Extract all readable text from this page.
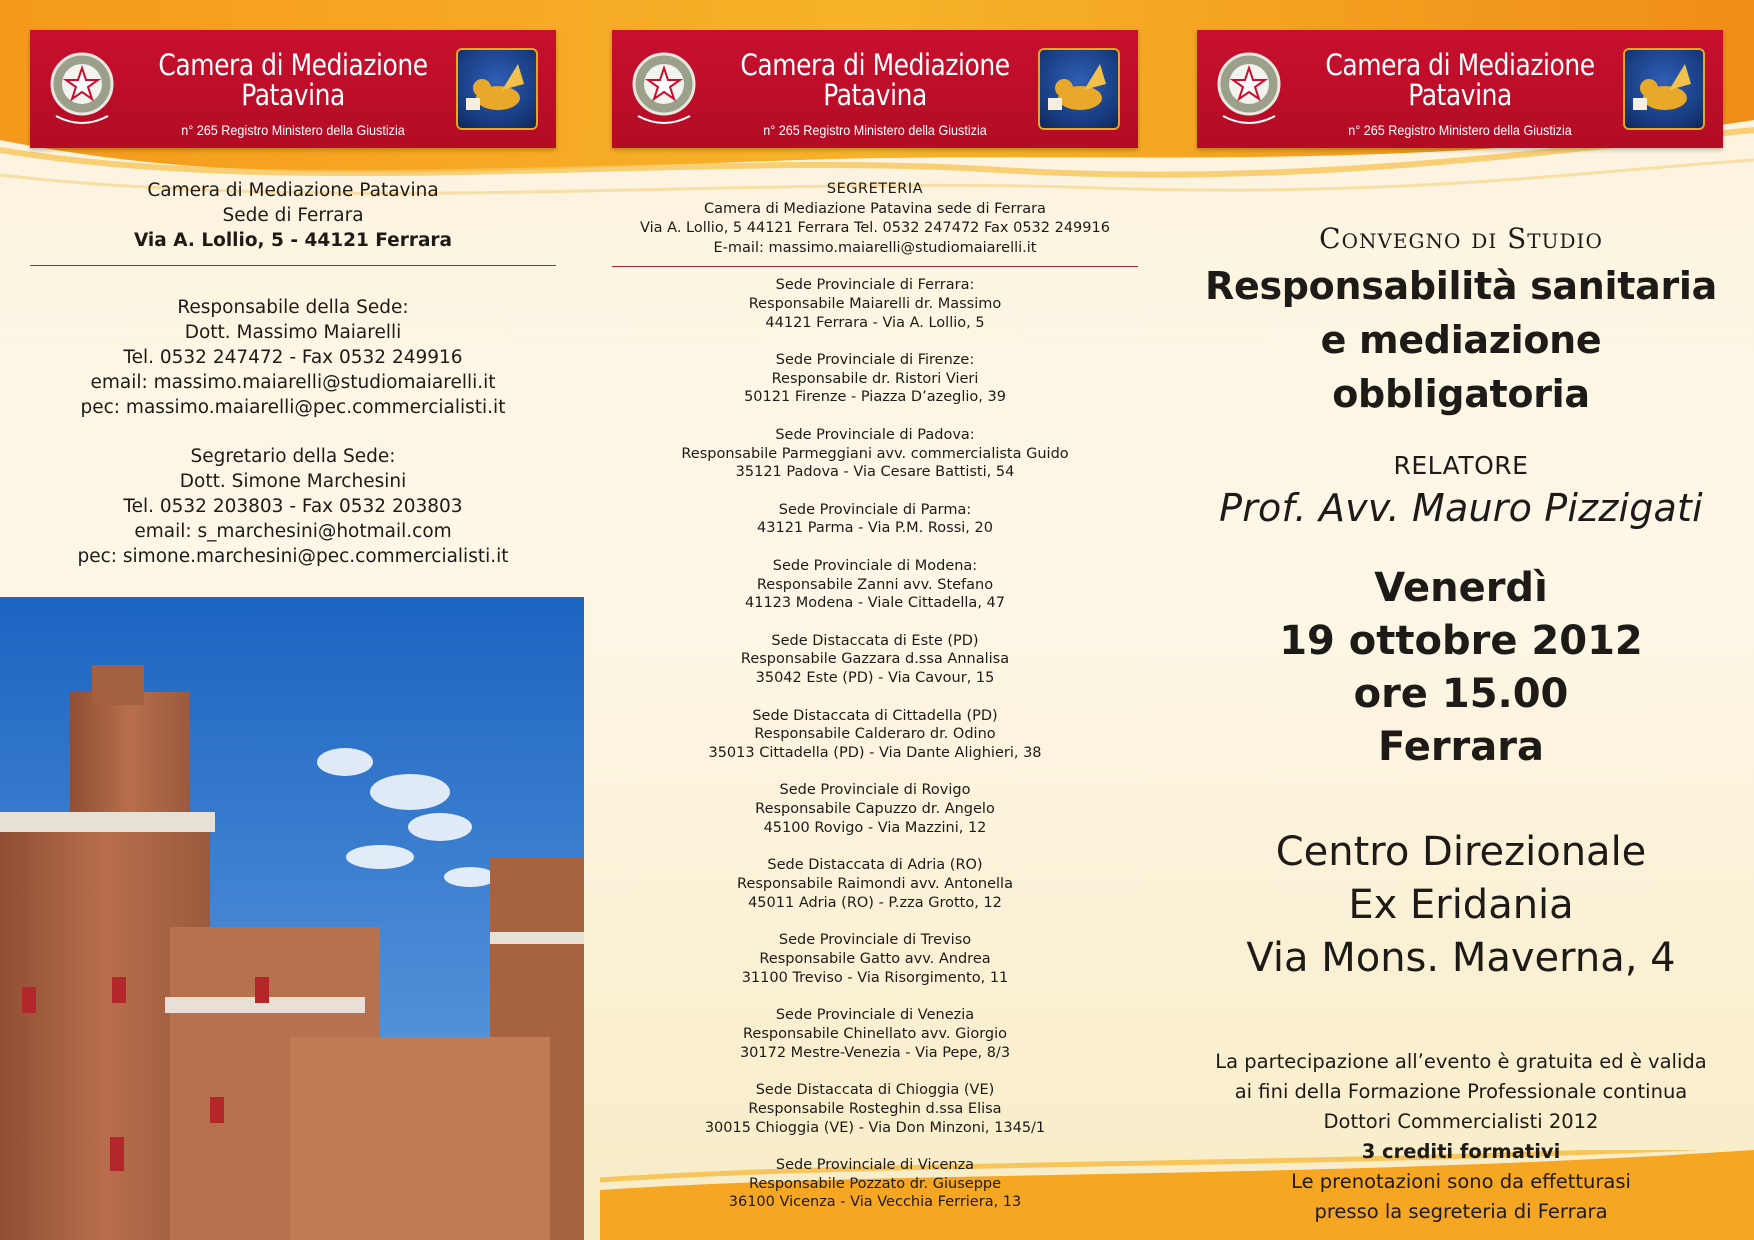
Camera di Mediazione
Patavina
n° 265 Registro Ministero della Giustizia
Camera di Mediazione
Patavina
n° 265 Registro Ministero della Giustizia
Camera di Mediazione
Patavina
n° 265 Registro Ministero della Giustizia
Camera di Mediazione Patavina
Sede di Ferrara
Via A. Lollio, 5 - 44121 Ferrara
Responsabile della Sede:
Dott. Massimo Maiarelli
Tel. 0532 247472 - Fax 0532 249916
email: massimo.maiarelli@studiomaiarelli.it
pec: massimo.maiarelli@pec.commercialisti.it
Segretario della Sede:
Dott. Simone Marchesini
Tel. 0532 203803 - Fax 0532 203803
email: s_marchesini@hotmail.com
pec: simone.marchesini@pec.commercialisti.it
SEGRETERIA
Camera di Mediazione Patavina sede di Ferrara
Via A. Lollio, 5 44121 Ferrara Tel. 0532 247472 Fax 0532 249916
E-mail: massimo.maiarelli@studiomaiarelli.it
Sede Provinciale di Ferrara:
Responsabile Maiarelli dr. Massimo
44121 Ferrara - Via A. Lollio, 5
Sede Provinciale di Firenze:
Responsabile dr. Ristori Vieri
50121 Firenze - Piazza D’azeglio, 39
Sede Provinciale di Padova:
Responsabile Parmeggiani avv. commercialista Guido
35121 Padova - Via Cesare Battisti, 54
Sede Provinciale di Parma:
43121 Parma - Via P.M. Rossi, 20
Sede Provinciale di Modena:
Responsabile Zanni avv. Stefano
41123 Modena - Viale Cittadella, 47
Sede Distaccata di Este (PD)
Responsabile Gazzara d.ssa Annalisa
35042 Este (PD) - Via Cavour, 15
Sede Distaccata di Cittadella (PD)
Responsabile Calderaro dr. Odino
35013 Cittadella (PD) - Via Dante Alighieri, 38
Sede Provinciale di Rovigo
Responsabile Capuzzo dr. Angelo
45100 Rovigo - Via Mazzini, 12
Sede Distaccata di Adria (RO)
Responsabile Raimondi avv. Antonella
45011 Adria (RO) - P.zza Grotto, 12
Sede Provinciale di Treviso
Responsabile Gatto avv. Andrea
31100 Treviso - Via Risorgimento, 11
Sede Provinciale di Venezia
Responsabile Chinellato avv. Giorgio
30172 Mestre-Venezia - Via Pepe, 8/3
Sede Distaccata di Chioggia (VE)
Responsabile Rosteghin d.ssa Elisa
30015 Chioggia (VE) - Via Don Minzoni, 1345/1
Sede Provinciale di Vicenza
Responsabile Pozzato dr. Giuseppe
36100 Vicenza - Via Vecchia Ferriera, 13
Convegno di Studio
Responsabilità sanitaria
e mediazione obbligatoria
RELATORE
Prof. Avv. Mauro Pizzigati
Venerdì
19 ottobre 2012
ore 15.00
Ferrara
Centro Direzionale
Ex Eridania
Via Mons. Maverna, 4
La partecipazione all’evento è gratuita ed è valida
ai fini della Formazione Professionale continua
Dottori Commercialisti 2012
3 crediti formativi
Le prenotazioni sono da effetturasi
presso la segreteria di Ferrara
